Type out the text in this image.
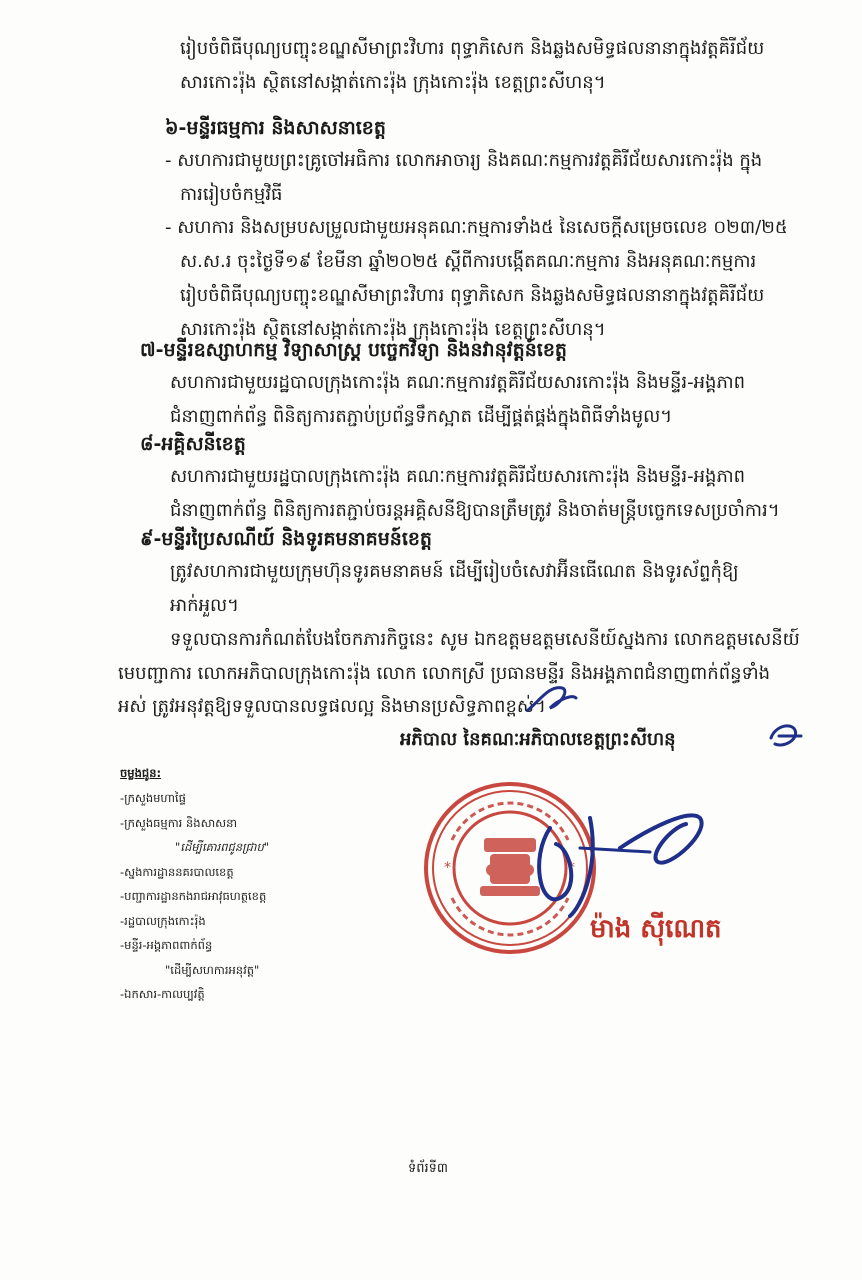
រៀបចំពិធីបុណ្យបញ្ចុះខណ្ឌសីមាព្រះវិហារ ពុទ្ធាភិសេក និងឆ្លងសមិទ្ធផលនានាក្នុងវត្តគិរីជ័យ
សារកោះរ៉ុង ស្ថិតនៅសង្កាត់កោះរ៉ុង ក្រុងកោះរ៉ុង ខេត្តព្រះសីហនុ។
៦-មន្ទីរធម្មការ និងសាសនាខេត្ត
- សហការជាមួយព្រះគ្រូចៅអធិការ លោកអាចារ្យ និងគណៈកម្មការវត្តគិរីជ័យសារកោះរ៉ុង ក្នុង
ការរៀបចំកម្មវិធី
- សហការ និងសម្របសម្រួលជាមួយអនុគណៈកម្មការទាំង៥ នៃសេចក្តីសម្រេចលេខ ០២៣/២៥
ស.ស.រ ចុះថ្ងៃទី១៩ ខែមីនា ឆ្នាំ២០២៥ ស្តីពីការបង្កើតគណៈកម្មការ និងអនុគណៈកម្មការ
រៀបចំពិធីបុណ្យបញ្ចុះខណ្ឌសីមាព្រះវិហារ ពុទ្ធាភិសេក និងឆ្លងសមិទ្ធផលនានាក្នុងវត្តគិរីជ័យ
សារកោះរ៉ុង ស្ថិតនៅសង្កាត់កោះរ៉ុង ក្រុងកោះរ៉ុង ខេត្តព្រះសីហនុ។
៧-មន្ទីរឧស្សាហកម្ម វិទ្យាសាស្ត្រ បច្ចេកវិទ្យា និងនវានុវត្តន៍ខេត្ត
សហការជាមួយរដ្ឋបាលក្រុងកោះរ៉ុង គណៈកម្មការវត្តគិរីជ័យសារកោះរ៉ុង និងមន្ទីរ-អង្គភាព
ជំនាញពាក់ព័ន្ធ ពិនិត្យការតភ្ជាប់ប្រព័ន្ធទឹកស្អាត ដើម្បីផ្គត់ផ្គង់ក្នុងពិធីទាំងមូល។
៨-អគ្គិសនីខេត្ត
សហការជាមួយរដ្ឋបាលក្រុងកោះរ៉ុង គណៈកម្មការវត្តគិរីជ័យសារកោះរ៉ុង និងមន្ទីរ-អង្គភាព
ជំនាញពាក់ព័ន្ធ ពិនិត្យការតភ្ជាប់ចរន្តអគ្គិសនីឱ្យបានត្រឹមត្រូវ និងចាត់មន្ត្រីបច្ចេកទេសប្រចាំការ។
៩-មន្ទីរប្រៃសណីយ៍ និងទូរគមនាគមន៍ខេត្ត
ត្រូវសហការជាមួយក្រុមហ៊ុនទូរគមនាគមន៍ ដើម្បីរៀបចំសេវាអ៊ីនធើណេត និងទូរស័ព្ទកុំឱ្យ
អាក់អួល។
ទទួលបានការកំណត់បែងចែកភារកិច្ចនេះ សូម ឯកឧត្តមឧត្តមសេនីយ៍ស្នងការ លោកឧត្តមសេនីយ៍
មេបញ្ជាការ លោកអភិបាលក្រុងកោះរ៉ុង លោក លោកស្រី ប្រធានមន្ទីរ និងអង្គភាពជំនាញពាក់ព័ន្ធទាំង
អស់ ត្រូវអនុវត្តឱ្យទទួលបានលទ្ធផលល្អ និងមានប្រសិទ្ធភាពខ្ពស់។
អភិបាល នៃគណៈអភិបាលខេត្តព្រះសីហនុ
ចម្លងជូន:
-ក្រសួងមហាផ្ទៃ
-ក្រសួងធម្មការ និងសាសនា
"ដើម្បីគោរពជូនជ្រាប"
-ស្នងការដ្ឋាននគរបាលខេត្ត
-បញ្ជាការដ្ឋានកងរាជអាវុធហត្ថខេត្ត
-រដ្ឋបាលក្រុងកោះរ៉ុង
-មន្ទីរ-អង្គភាពពាក់ព័ន្ធ
"ដើម្បីសហការអនុវត្ត"
-ឯកសារ-កាលប្បវត្តិ
*	*
ម៉ាង ស៊ីណេត
ទំព័រទី៣
